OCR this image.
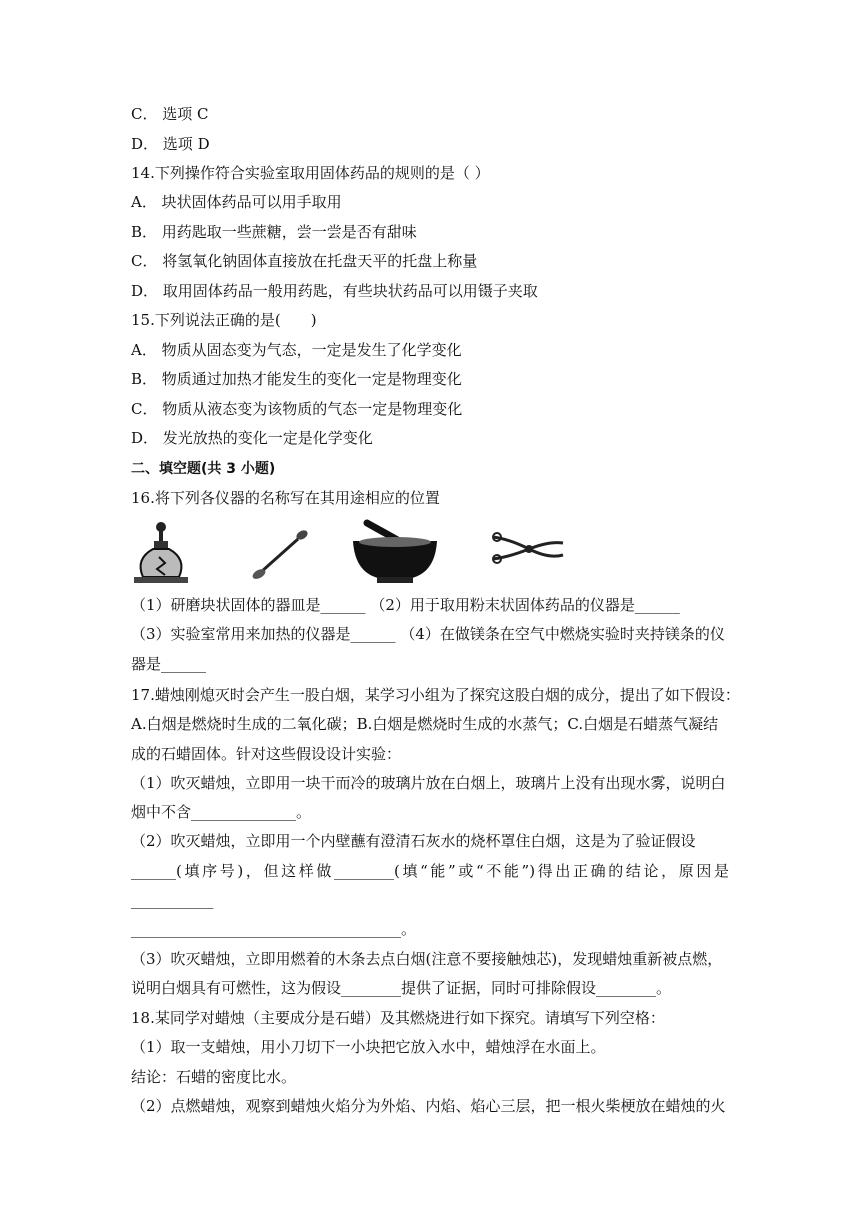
C． 选项 C
D． 选项 D
14.下列操作符合实验室取用固体药品的规则的是（ ）
A． 块状固体药品可以用手取用
B． 用药匙取一些蔗糖，尝一尝是否有甜味
C． 将氢氧化钠固体直接放在托盘天平的托盘上称量
D． 取用固体药品一般用药匙，有些块状药品可以用镊子夹取
15.下列说法正确的是(　　)
A． 物质从固态变为气态，一定是发生了化学变化
B． 物质通过加热才能发生的变化一定是物理变化
C． 物质从液态变为该物质的气态一定是物理变化
D． 发光放热的变化一定是化学变化
二、填空题(共 3 小题)
16.将下列各仪器的名称写在其用途相应的位置
（1）研磨块状固体的器皿是______ （2）用于取用粉末状固体药品的仪器是______
（3）实验室常用来加热的仪器是______ （4）在做镁条在空气中燃烧实验时夹持镁条的仪
器是______
17.蜡烛刚熄灭时会产生一股白烟，某学习小组为了探究这股白烟的成分，提出了如下假设：
A.白烟是燃烧时生成的二氧化碳；B.白烟是燃烧时生成的水蒸气；C.白烟是石蜡蒸气凝结
成的石蜡固体。针对这些假设设计实验：
（1）吹灭蜡烛，立即用一块干而冷的玻璃片放在白烟上，玻璃片上没有出现水雾，说明白
烟中不含______________。
（2）吹灭蜡烛，立即用一个内壁蘸有澄清石灰水的烧杯罩住白烟，这是为了验证假设
______(填序号)，但这样做________(填“能”或“不能”)得出正确的结论，原因是
___________
____________________________________。
（3）吹灭蜡烛，立即用燃着的木条去点白烟(注意不要接触烛芯)，发现蜡烛重新被点燃，
说明白烟具有可燃性，这为假设________提供了证据，同时可排除假设________。
18.某同学对蜡烛（主要成分是石蜡）及其燃烧进行如下探究。请填写下列空格：
（1）取一支蜡烛，用小刀切下一小块把它放入水中，蜡烛浮在水面上。
结论：石蜡的密度比水。
（2）点燃蜡烛，观察到蜡烛火焰分为外焰、内焰、焰心三层，把一根火柴梗放在蜡烛的火
